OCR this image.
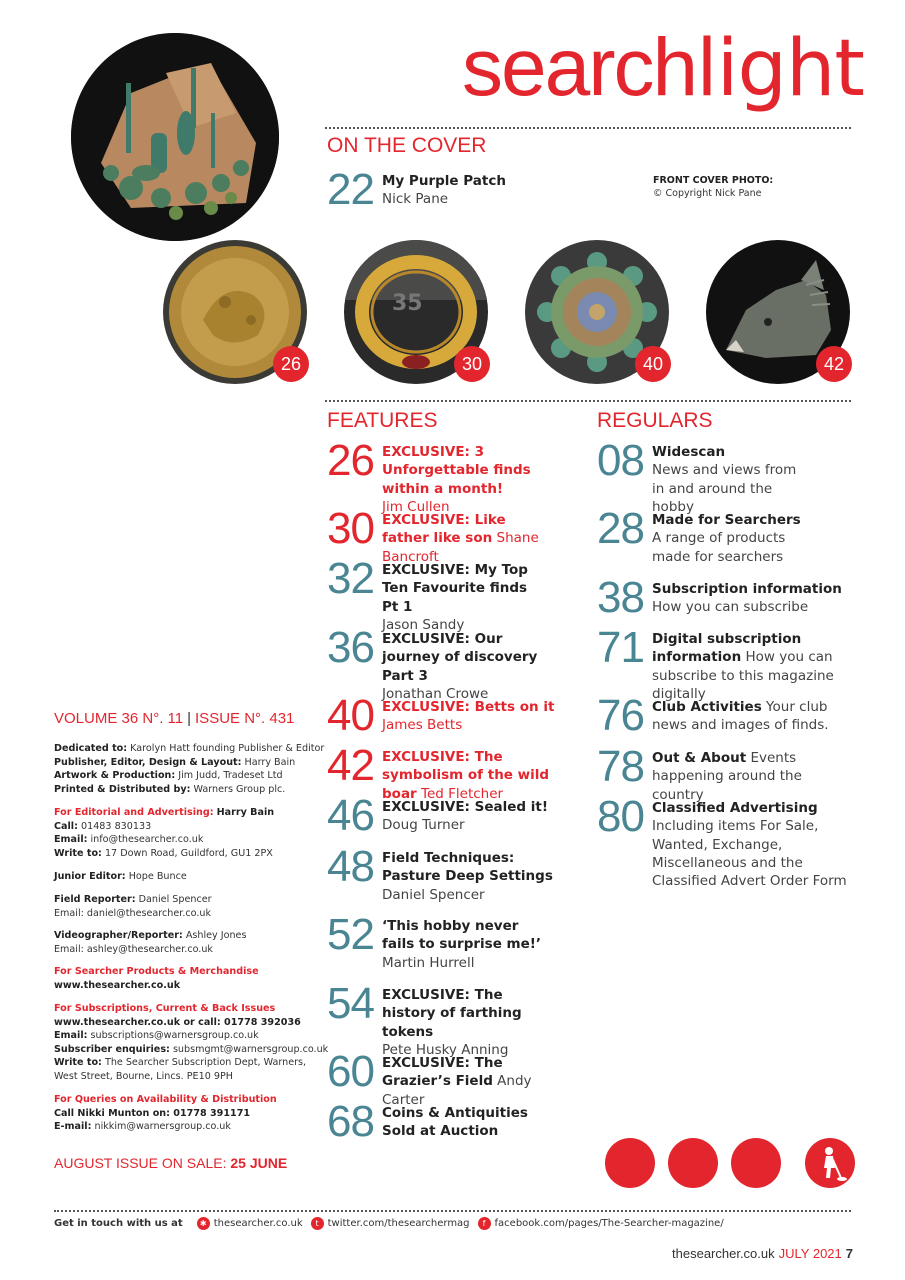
searchlight
ON THE COVER
22 My Purple Patch
Nick Pane
FRONT COVER PHOTO:
© Copyright Nick Pane
26
35
30	40	42
FEATURES	REGULARS
26 EXCLUSIVE: 3 Unforgettable finds within a month!
Jim Cullen
30 EXCLUSIVE: Like father like son Shane Bancroft
32 EXCLUSIVE: My Top Ten Favourite finds Pt 1
Jason Sandy
36 EXCLUSIVE: Our journey of discovery Part 3
Jonathan Crowe
40 EXCLUSIVE: Betts on it
James Betts
42 EXCLUSIVE: The symbolism of the wild boar Ted Fletcher
46 EXCLUSIVE: Sealed it!
Doug Turner
48 Field Techniques: Pasture Deep Settings
Daniel Spencer
52 ‘This hobby never fails to surprise me!’
Martin Hurrell
54 EXCLUSIVE: The history of farthing tokens
Pete Husky Anning
60 EXCLUSIVE: The Grazier’s Field Andy Carter
68 Coins & Antiquities Sold at Auction
08 Widescan
News and views from in and around the hobby
28 Made for Searchers
A range of products made for searchers
38 Subscription information
How you can subscribe
71 Digital subscription information How you can subscribe to this magazine digitally
76 Club Activities Your club news and images of finds.
78 Out & About Events happening around the country
80 Classified Advertising
Including items For Sale, Wanted, Exchange, Miscellaneous and the Classified Advert Order Form
VOLUME 36 N°. 11 | ISSUE N°. 431
Dedicated to: Karolyn Hatt founding Publisher & Editor
Publisher, Editor, Design & Layout: Harry Bain
Artwork & Production: Jim Judd, Tradeset Ltd
Printed & Distributed by: Warners Group plc.
For Editorial and Advertising: Harry Bain
Call: 01483 830133
Email: info@thesearcher.co.uk
Write to: 17 Down Road, Guildford, GU1 2PX
Junior Editor: Hope Bunce
Field Reporter: Daniel Spencer
Email: daniel@thesearcher.co.uk
Videographer/Reporter: Ashley Jones
Email: ashley@thesearcher.co.uk
For Searcher Products & Merchandise
www.thesearcher.co.uk
For Subscriptions, Current & Back Issues
www.thesearcher.co.uk or call: 01778 392036
Email: subscriptions@warnersgroup.co.uk
Subscriber enquiries: subsmgmt@warnersgroup.co.uk
Write to: The Searcher Subscription Dept, Warners,
West Street, Bourne, Lincs. PE10 9PH
For Queries on Availability & Distribution
Call Nikki Munton on: 01778 391171
E-mail: nikkim@warnersgroup.co.uk
AUGUST ISSUE ON SALE: 25 JUNE
Get in touch with us at	✱ thesearcher.co.uk	t twitter.com/thesearchermag	f facebook.com/pages/The-Searcher-magazine/
thesearcher.co.uk JULY 2021 7
